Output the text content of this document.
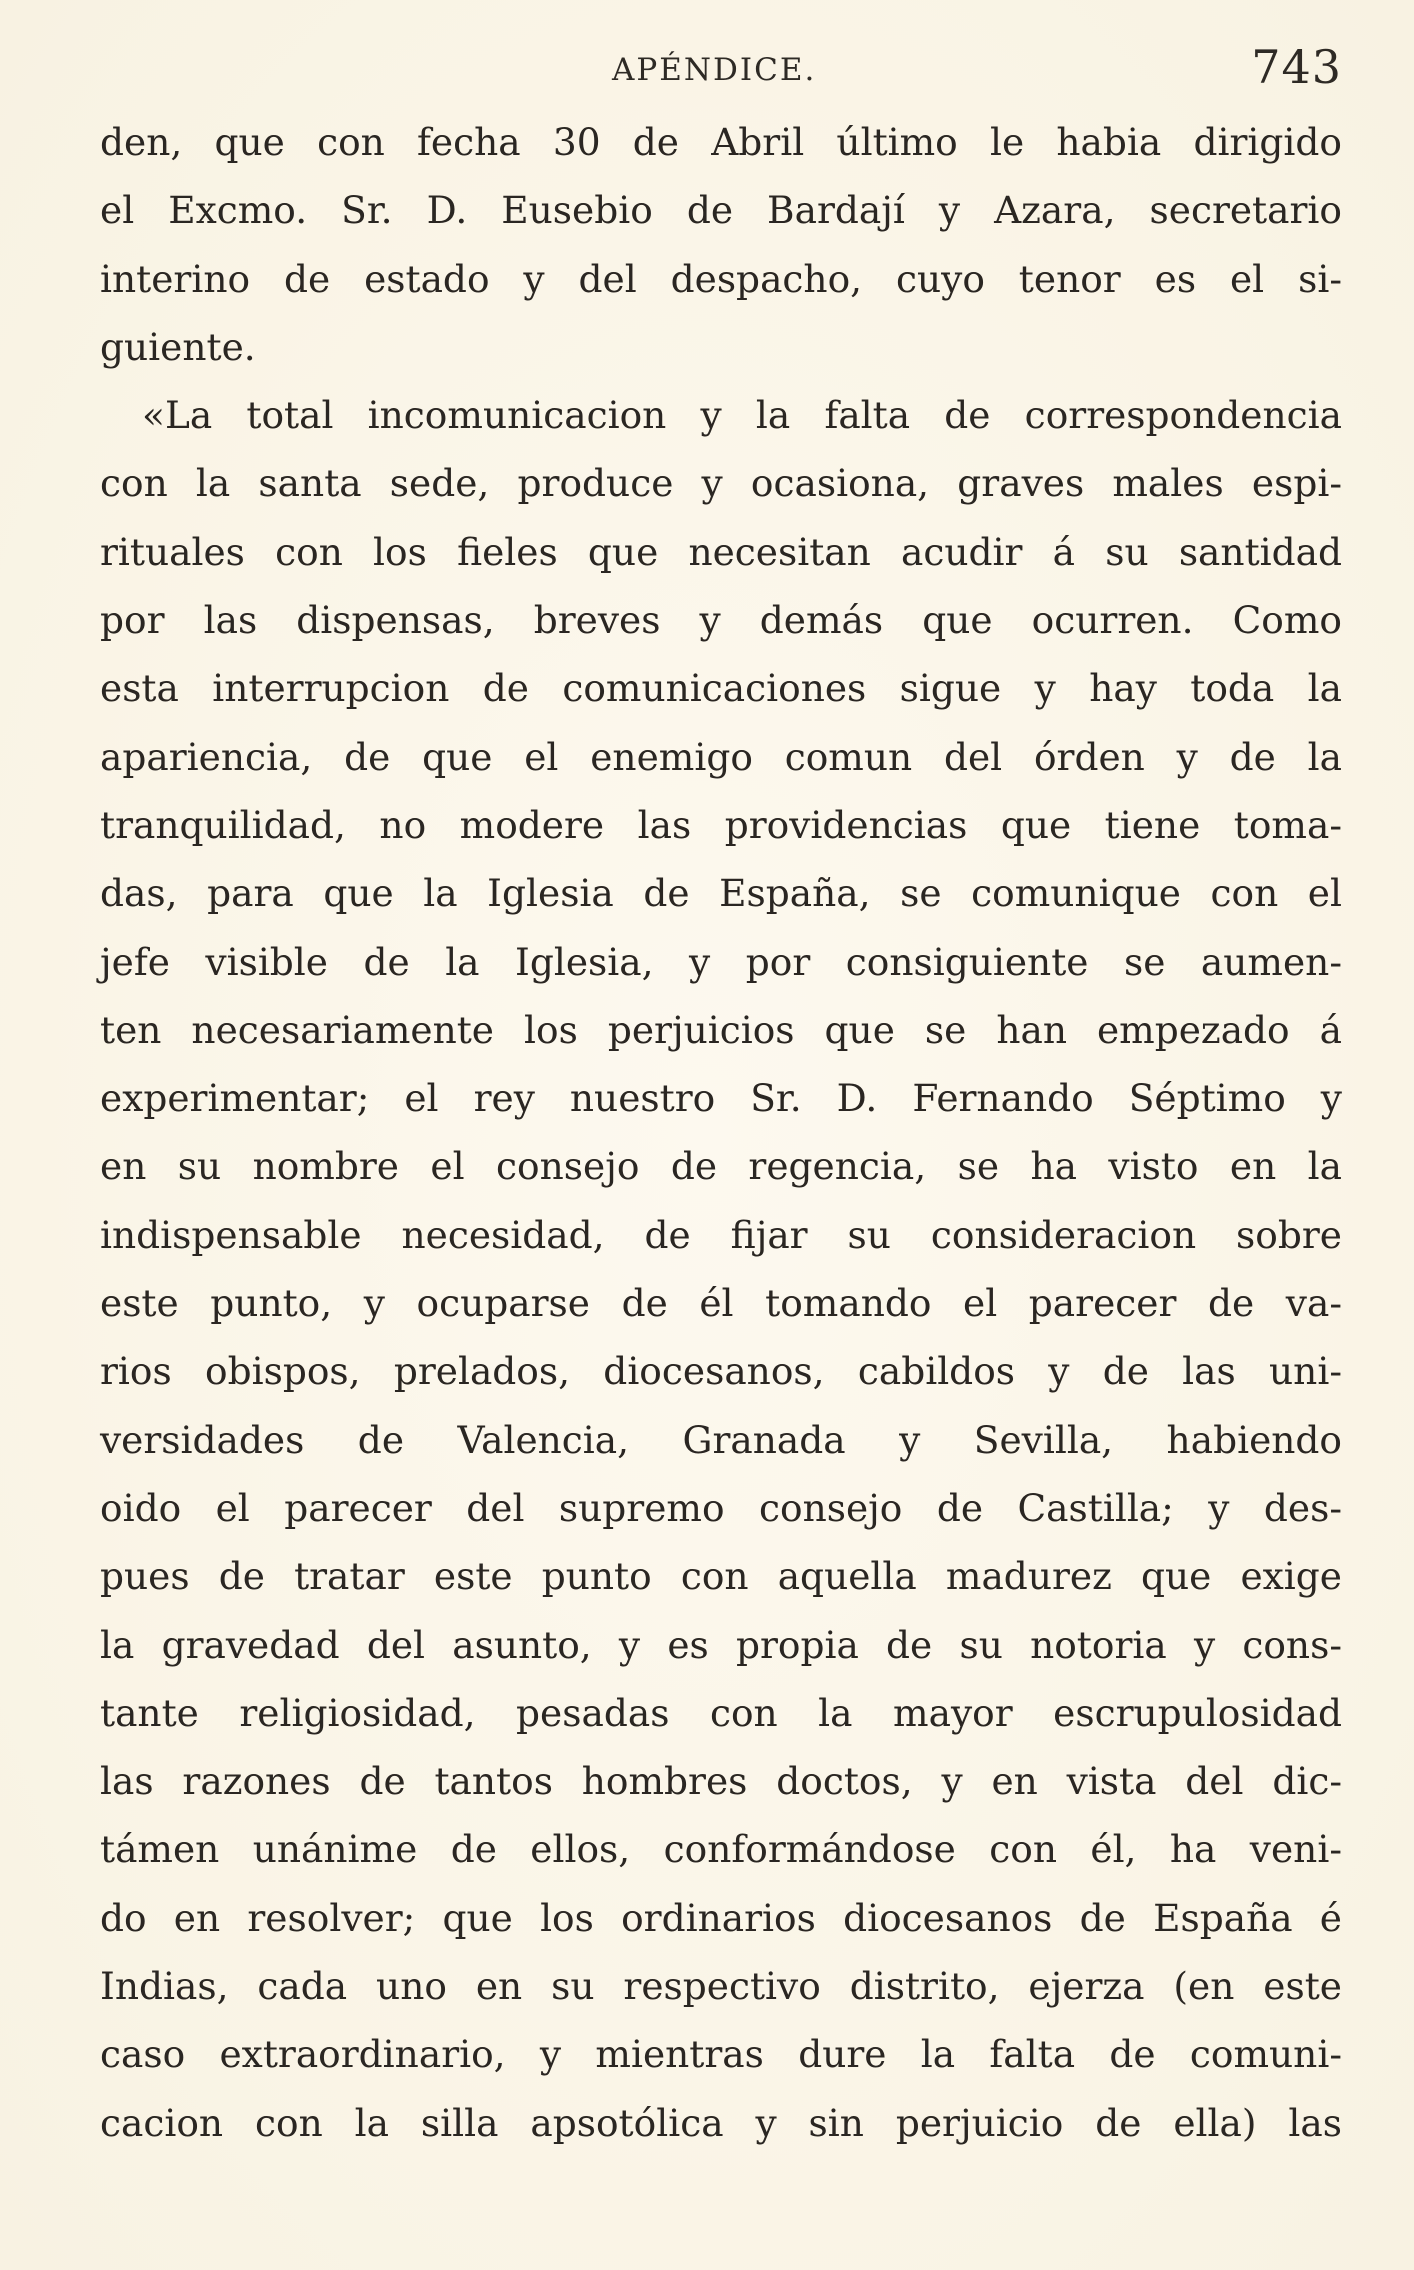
APÉNDICE.	743
den, que con fecha 30 de Abril último le habia dirigido
el Excmo. Sr. D. Eusebio de Bardají y Azara, secretario
interino de estado y del despacho, cuyo tenor es el si-
guiente.
«La total incomunicacion y la falta de correspondencia
con la santa sede, produce y ocasiona, graves males espi-
rituales con los fieles que necesitan acudir á su santidad
por las dispensas, breves y demás que ocurren. Como
esta interrupcion de comunicaciones sigue y hay toda la
apariencia, de que el enemigo comun del órden y de la
tranquilidad, no modere las providencias que tiene toma-
das, para que la Iglesia de España, se comunique con el
jefe visible de la Iglesia, y por consiguiente se aumen-
ten necesariamente los perjuicios que se han empezado á
experimentar; el rey nuestro Sr. D. Fernando Séptimo y
en su nombre el consejo de regencia, se ha visto en la
indispensable necesidad, de fijar su consideracion sobre
este punto, y ocuparse de él tomando el parecer de va-
rios obispos, prelados, diocesanos, cabildos y de las uni-
versidades de Valencia, Granada y Sevilla, habiendo
oido el parecer del supremo consejo de Castilla; y des-
pues de tratar este punto con aquella madurez que exige
la gravedad del asunto, y es propia de su notoria y cons-
tante religiosidad, pesadas con la mayor escrupulosidad
las razones de tantos hombres doctos, y en vista del dic-
támen unánime de ellos, conformándose con él, ha veni-
do en resolver; que los ordinarios diocesanos de España é
Indias, cada uno en su respectivo distrito, ejerza (en este
caso extraordinario, y mientras dure la falta de comuni-
cacion con la silla apsotólica y sin perjuicio de ella) las
